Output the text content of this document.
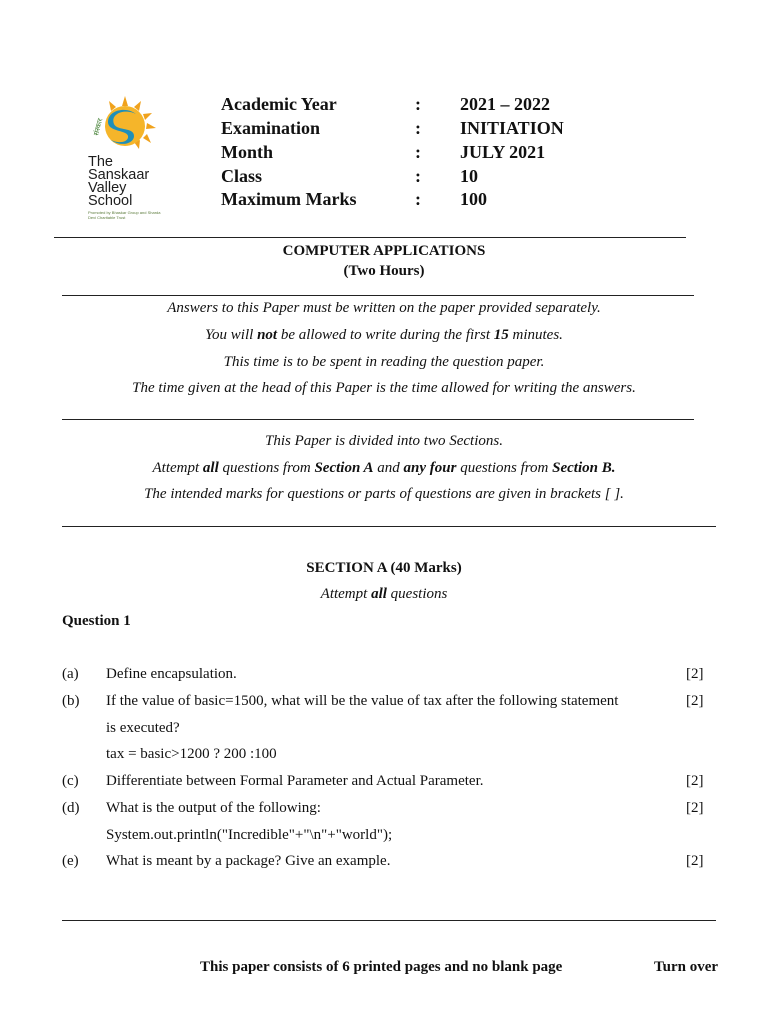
संस्कार
The
Sanskaar
Valley
School
Promoted by Bhaskar Group and Sharda Devi Charitable Trust
Academic Year	: 2021 – 2022
Examination	: INITIATION
Month	: JULY 2021
Class	: 10
Maximum Marks	: 100
COMPUTER APPLICATIONS
(Two Hours)
Answers to this Paper must be written on the paper provided separately.
You will not be allowed to write during the first 15 minutes.
This time is to be spent in reading the question paper.
The time given at the head of this Paper is the time allowed for writing the answers.
This Paper is divided into two Sections.
Attempt all questions from Section A and any four questions from Section B.
The intended marks for questions or parts of questions are given in brackets [ ].
SECTION A (40 Marks)
Attempt all questions
Question 1
(a) Define encapsulation.	[2]
(b) If the value of basic=1500, what will be the value of tax after the following statement	[2]
is executed?
tax = basic>1200 ? 200 :100
(c) Differentiate between Formal Parameter and Actual Parameter.	[2]
(d) What is the output of the following:	[2]
System.out.println("Incredible"+"\n"+"world");
(e) What is meant by a package? Give an example.	[2]
This paper consists of 6 printed pages and no blank page	Turn over
